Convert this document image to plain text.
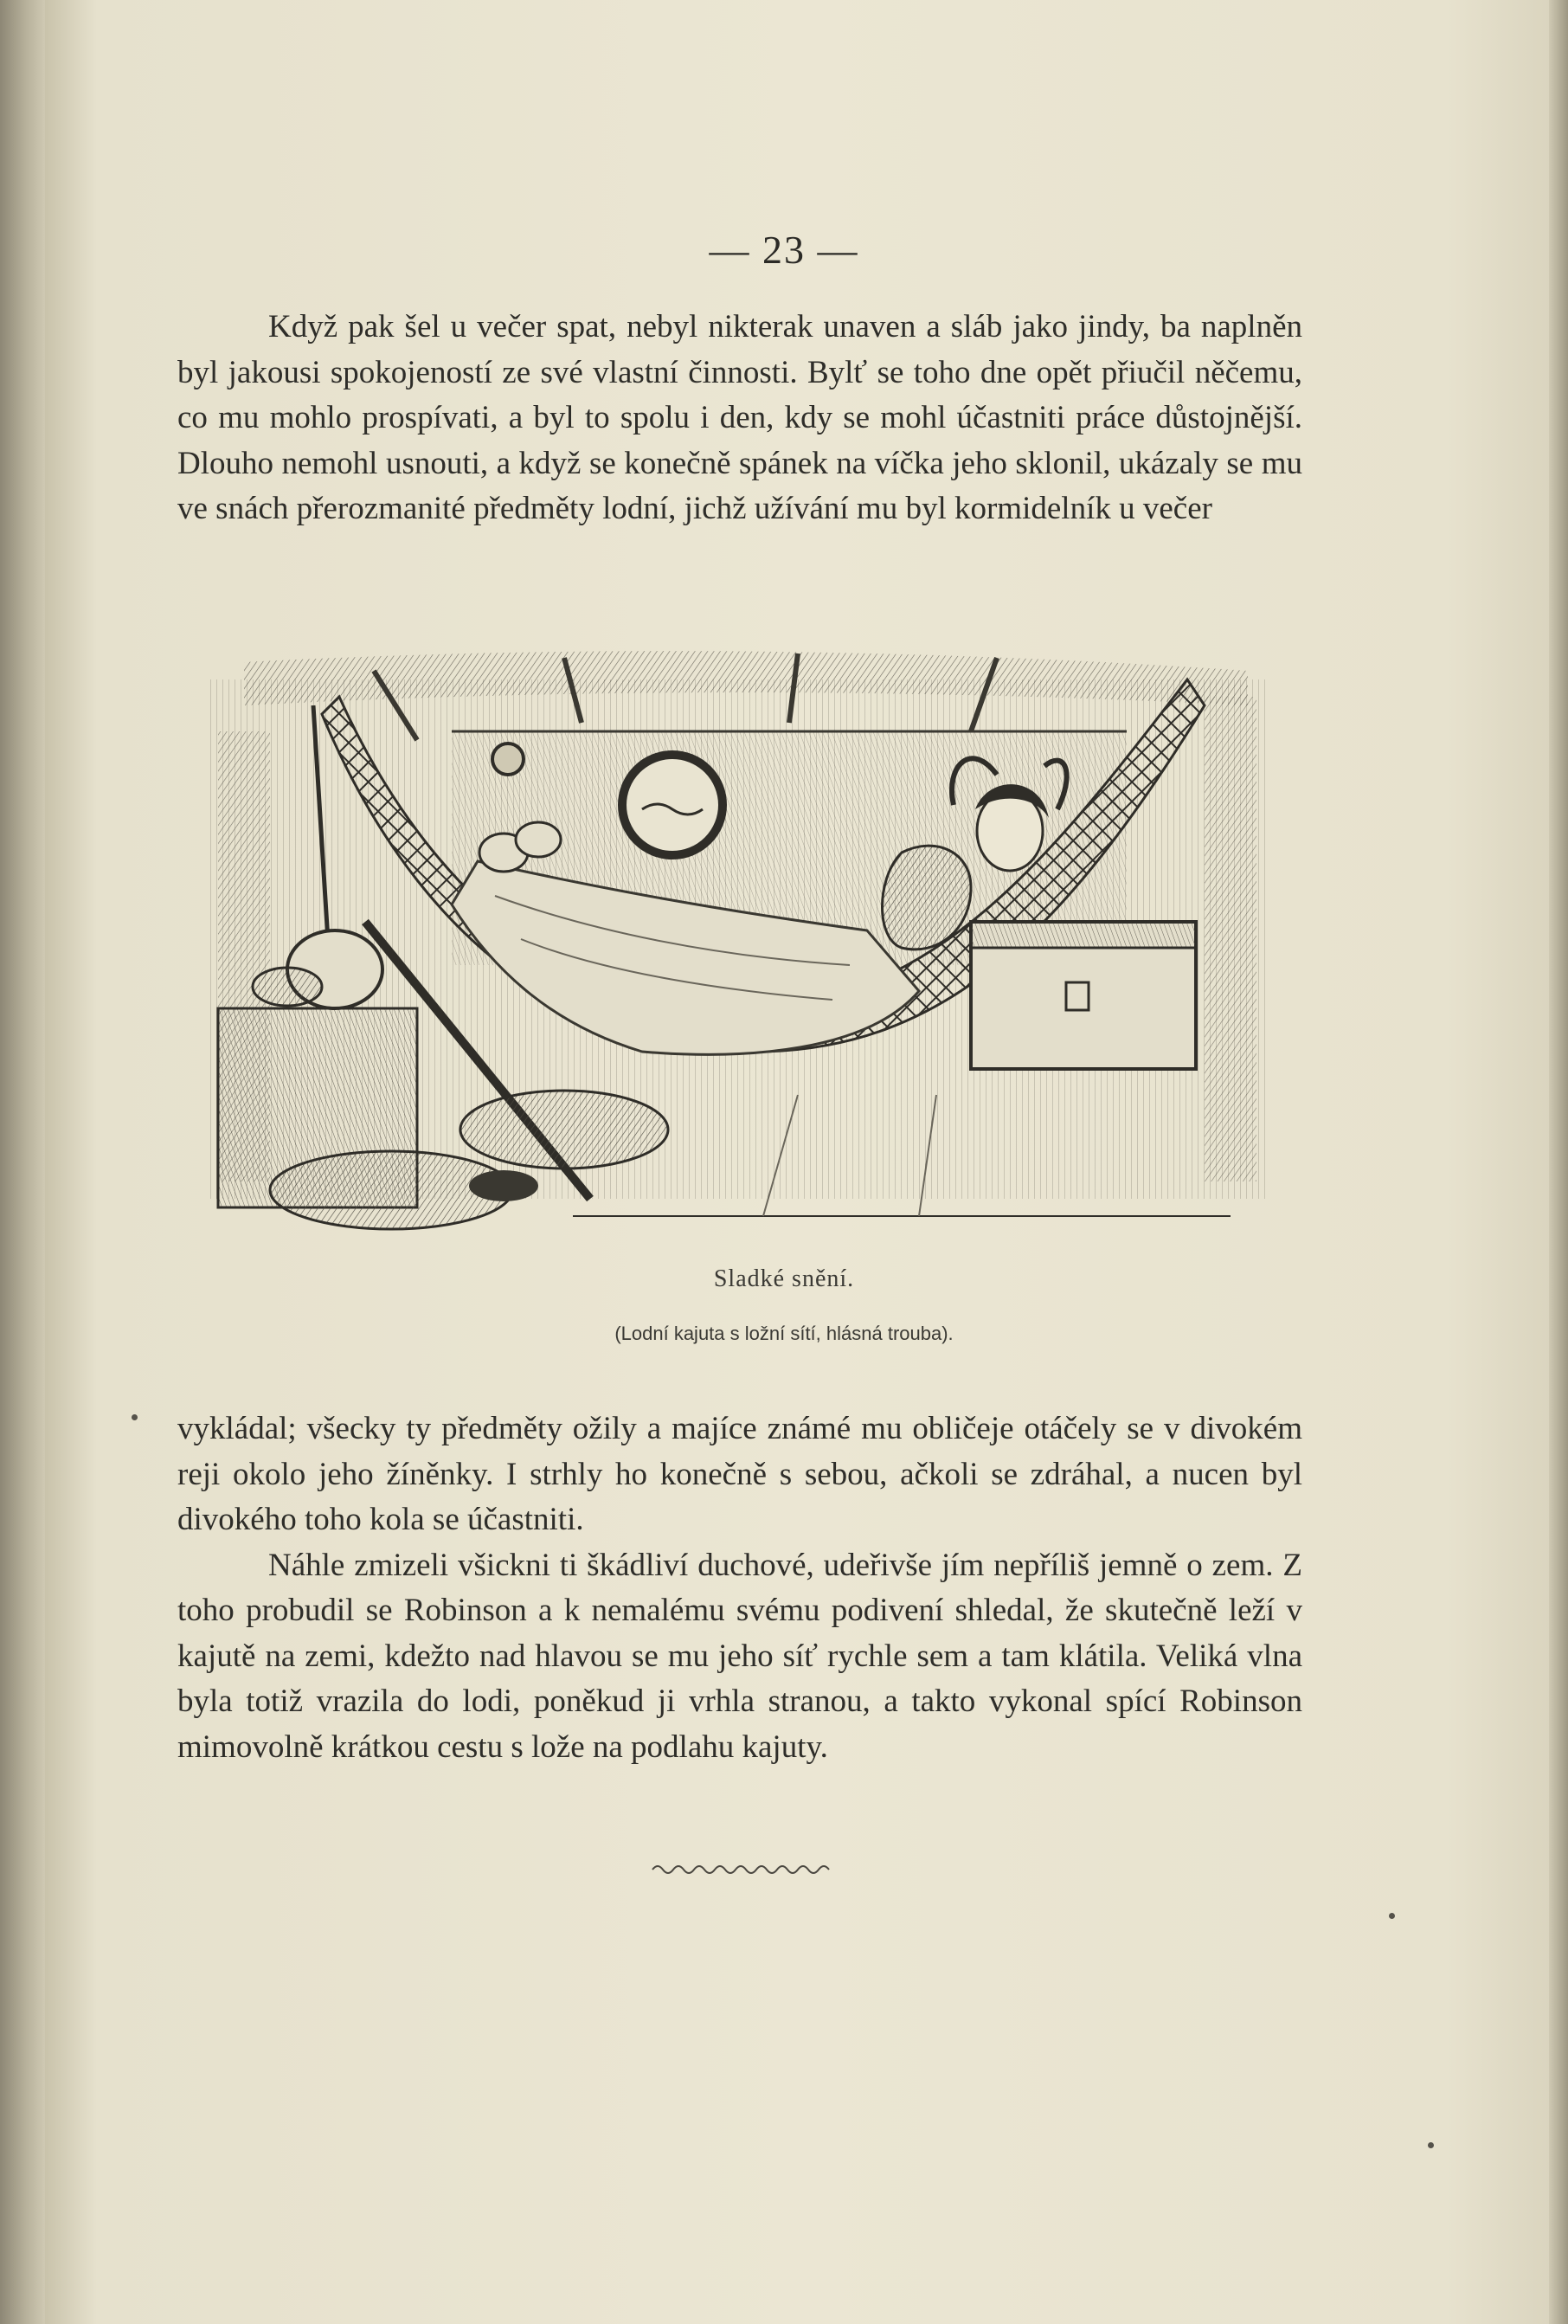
— 23 —

Když pak šel u večer spat, nebyl nikterak unaven a sláb jako jindy, ba naplněn byl jakousi spokojeností ze své vlastní činnosti. Bylť se toho dne opět přiučil něčemu, co mu mohlo prospívati, a byl to spolu i den, kdy se mohl účastniti práce důstojnější. Dlouho nemohl usnouti, a když se konečně spánek na víčka jeho sklonil, ukázaly se mu ve snách přerozmanité předměty lodní, jichž užívání mu byl kormidelník u večer

Sladké snění.
(Lodní kajuta s ložní sítí, hlásná trouba).

vykládal; všecky ty předměty ožily a majíce známé mu obličeje otáčely se v divokém reji okolo jeho žíněnky. I strhly ho konečně s sebou, ačkoli se zdráhal, a nucen byl divokého toho kola se účastniti.

Náhle zmizeli všickni ti škádliví duchové, udeřivše jím nepříliš jemně o zem. Z toho probudil se Robinson a k nemalému svému podivení shledal, že skutečně leží v kajutě na zemi, kdežto nad hlavou se mu jeho síť rychle sem a tam klátila. Veliká vlna byla totiž vrazila do lodi, poněkud ji vrhla stranou, a takto vykonal spící Robinson mimovolně krátkou cestu s lože na podlahu kajuty.
